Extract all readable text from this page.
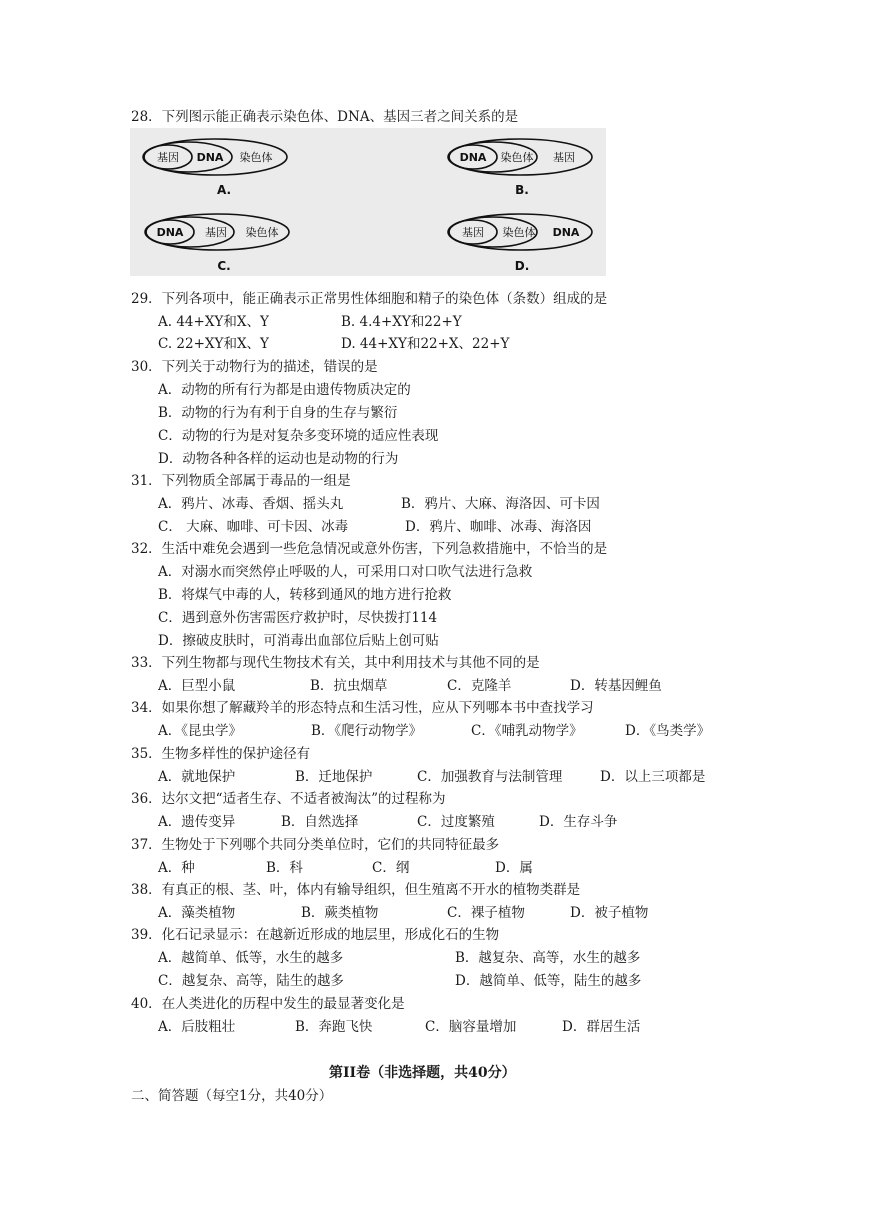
28．下列图示能正确表示染色体、DNA、基因三者之间关系的是
基因 DNA 染色体
A.
DNA 染色体 基因
B.
DNA 基因 染色体
C.
基因 染色体 DNA
D.
29．下列各项中，能正确表示正常男性体细胞和精子的染色体（条数）组成的是
A. 44+XY和X、Y	B. 4.4+XY和22+Y
C. 22+XY和X、Y	D. 44+XY和22+X、22+Y
30．下列关于动物行为的描述，错误的是
A．动物的所有行为都是由遗传物质决定的
B．动物的行为有利于自身的生存与繁衍
C．动物的行为是对复杂多变环境的适应性表现
D．动物各种各样的运动也是动物的行为
31．下列物质全部属于毒品的一组是
A．鸦片、冰毒、香烟、摇头丸	B．鸦片、大麻、海洛因、可卡因
C． 大麻、咖啡、可卡因、冰毒	D．鸦片、咖啡、冰毒、海洛因
32．生活中难免会遇到一些危急情况或意外伤害，下列急救措施中，不恰当的是
A．对溺水而突然停止呼吸的人，可采用口对口吹气法进行急救
B．将煤气中毒的人，转移到通风的地方进行抢救
C．遇到意外伤害需医疗救护时，尽快拨打114
D．擦破皮肤时，可消毒出血部位后贴上创可贴
33．下列生物都与现代生物技术有关，其中利用技术与其他不同的是
A．巨型小鼠	B．抗虫烟草	C．克隆羊	D．转基因鲤鱼
34．如果你想了解藏羚羊的形态特点和生活习性，应从下列哪本书中查找学习
A．《昆虫学》	B．《爬行动物学》	C．《哺乳动物学》	D．《鸟类学》
35．生物多样性的保护途径有
A．就地保护	B．迁地保护	C．加强教育与法制管理	D．以上三项都是
36．达尔文把“适者生存、不适者被淘汰”的过程称为
A．遗传变异	B．自然选择	C．过度繁殖	D．生存斗争
37．生物处于下列哪个共同分类单位时，它们的共同特征最多
A．种	B．科	C．纲	D．属
38．有真正的根、茎、叶，体内有输导组织，但生殖离不开水的植物类群是
A．藻类植物	B．蕨类植物	C．裸子植物	D．被子植物
39．化石记录显示：在越新近形成的地层里，形成化石的生物
A．越简单、低等，水生的越多	B．越复杂、高等，水生的越多
C．越复杂、高等，陆生的越多	D．越简单、低等，陆生的越多
40．在人类进化的历程中发生的最显著变化是
A．后肢粗壮	B．奔跑飞快	C．脑容量增加	D．群居生活
第II卷（非选择题，共40分）
二、简答题（每空1分，共40分）
